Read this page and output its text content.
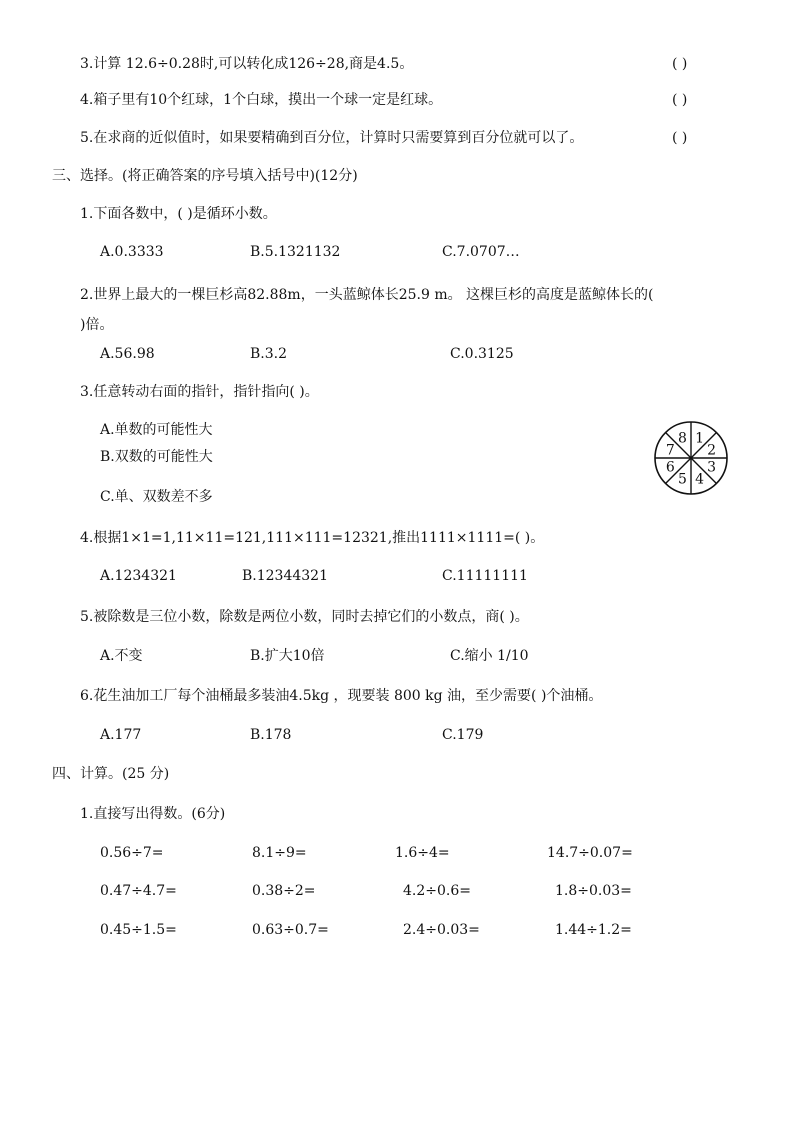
3.计算 12.6÷0.28时,可以转化成126÷28,商是4.5。	( )
4.箱子里有10个红球，1个白球，摸出一个球一定是红球。	( )
5.在求商的近似值时，如果要精确到百分位，计算时只需要算到百分位就可以了。	( )
三、选择。(将正确答案的序号填入括号中)(12分)
1.下面各数中，( )是循环小数。
A.0.3333	B.5.1321132	C.7.0707…
2.世界上最大的一棵巨杉高82.88m，一头蓝鲸体长25.9 m。 这棵巨杉的高度是蓝鲸体长的(
)倍。
A.56.98	B.3.2	C.0.3125
3.任意转动右面的指针，指针指向( )。
A.单数的可能性大
B.双数的可能性大
C.单、双数差不多
1
2
3
4
5
6
7
8
4.根据1×1=1,11×11=121,111×111=12321,推出1111×1111=( )。
A.1234321	B.12344321	C.11111111
5.被除数是三位小数，除数是两位小数，同时去掉它们的小数点，商( )。
A.不变	B.扩大10倍	C.缩小 1/10
6.花生油加工厂每个油桶最多装油4.5kg ，现要装 800 kg 油，至少需要( )个油桶。
A.177	B.178	C.179
四、计算。(25 分)
1.直接写出得数。(6分)
0.56÷7=	8.1÷9=	1.6÷4=	14.7÷0.07=
0.47÷4.7=	0.38÷2=	4.2÷0.6=	1.8÷0.03=
0.45÷1.5=	0.63÷0.7=	2.4÷0.03=	1.44÷1.2=
